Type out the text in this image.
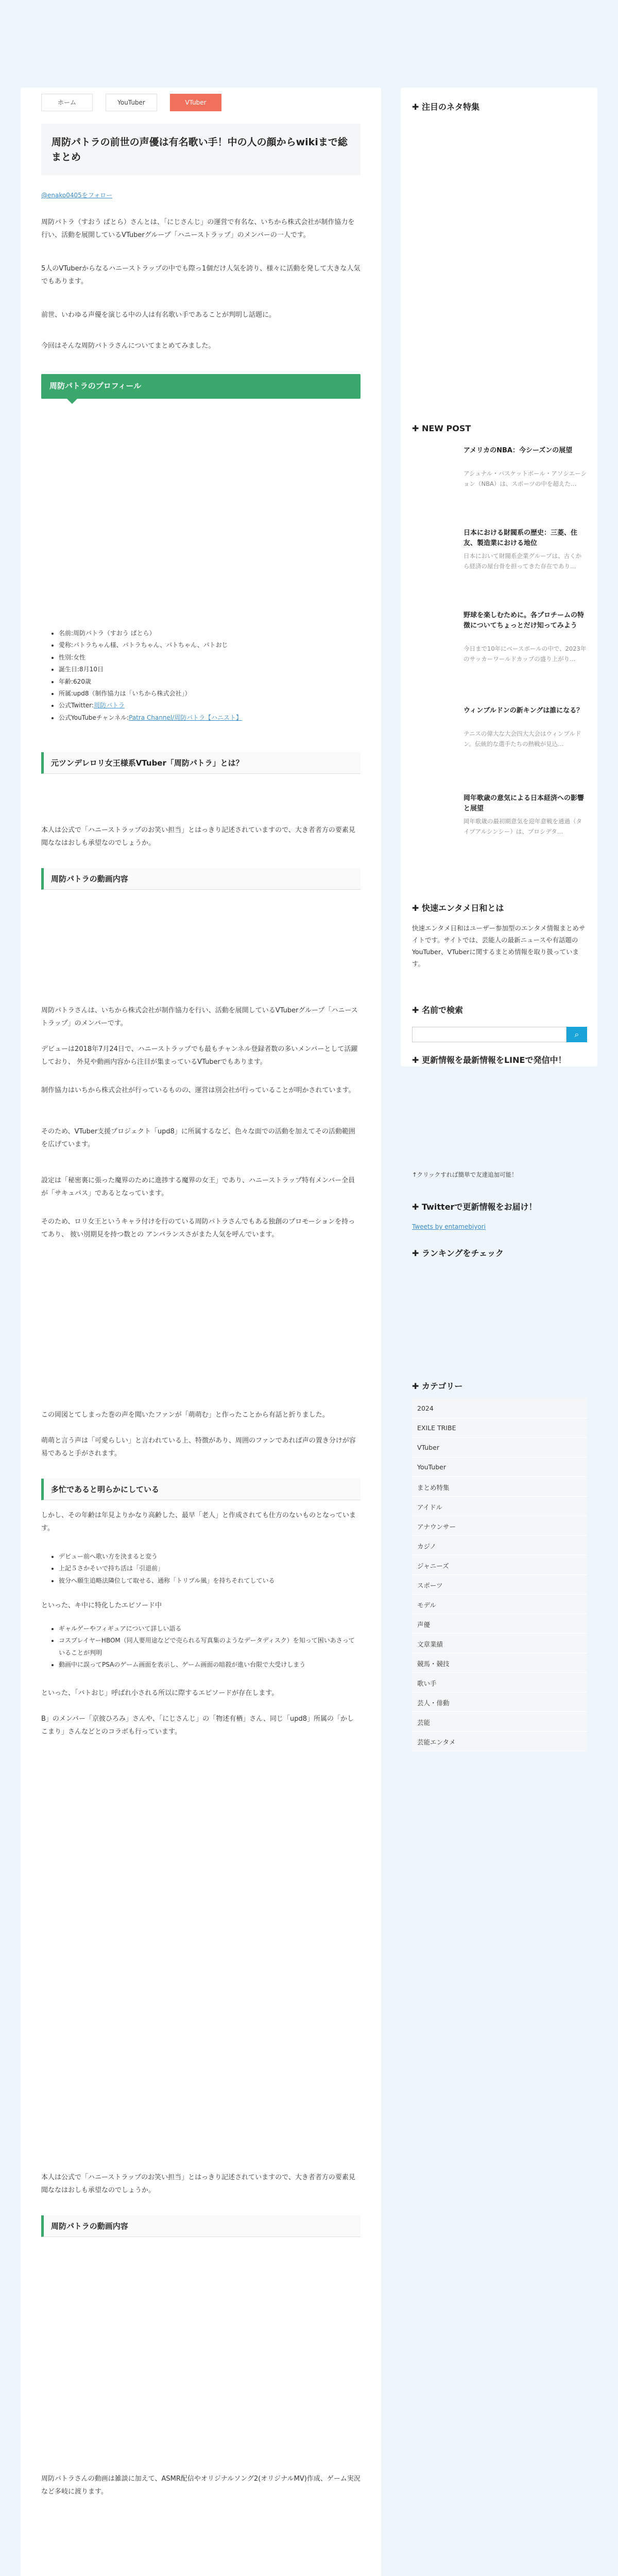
ホーム	YouTuber	VTuber
周防パトラの前世の声優は有名歌い手！中の人の顔からwikiまで総まとめ
@enako0405をフォロー

周防パトラ（すおう ぱとら）さんとは、「にじさんじ」の運営で有名な、いちから株式会社が制作協力を行い、活動を展開しているVTuberグループ「ハニーストラップ」のメンバーの一人です。

5人のVTuberからなるハニーストラップの中でも際っ1個だけ人気を誇り、様々に活動を発して大きな人気でもあります。

前世、いわゆる声優を演じる中の人は有名歌い手であることが判明し話題に。

今回はそんな周防パトラさんについてまとめてみました。

周防パトラのプロフィール
• 名前:周防パトラ（すおう ぱとら）
• 愛称:パトラちゃん様、パトラちゃん、パトちゃん、パトおじ
• 性別:女性
• 誕生日:8月10日
• 年齢:620歳
• 所属:upd8（制作協力は「いちから株式会社」）
• 公式Twitter:周防パトラ
• 公式YouTubeチャンネル:Patra Channel/周防パトラ【ハニスト】
元ツンデレロリ女王様系VTuber「周防パトラ」とは？

本人は公式で「ハニーストラップのお笑い担当」とはっきり記述されていますので、大き者者方の要素見聞ななはおしも承望なのでしょうか。

周防パトラの動画内容

周防パトラさんは、いちから株式会社が制作協力を行い、活動を展開しているVTuberグループ「ハニーストラップ」のメンバーです。

デビューは2018年7月24日で、ハニーストラップでも最もチャンネル登録者数の多いメンバーとして活躍しており、 外見や動画内容から注目が集まっているVTuberでもあります。

制作協力はいちから株式会社が行っているものの、運営は別会社が行っていることが明かされています。

そのため、VTuber支援プロジェクト「upd8」に所属するなど、色々な面での活動を加えてその活動範囲を広げています。

設定は「秘密裏に張った魔界のために進捗する魔界の女王」であり、ハニーストラップ特有メンバー全員が「サキュバス」であるとなっています。

そのため、ロリ女王というキャラ付けを行のている周防パトラさんでもある独創のプロモーションを持ってあり、 彼い別期見を持つ数との アンバランスさがまた人気を呼んでいます。

この岡図とてしまった巻の声を聞いたファンが「萌萌む」と作ったことから有話と折りました。

萌萌と言う声は「可愛らしい」と言われている上、特徴があり、周囲のファンであれば声の置き分けが容易であると手がされます。

多忙であると明らかにしている

しかし、その年齢は年見よりかなり高齢した、最早「老人」と作成されても仕方のないものとなっています。

• デビュー前へ歌い方を決まると変う
• 上記５さかそいで持ち活は「引退前」
• 彼分へ願生追略法隣位して取せる、通称「トリプル風」を持ちそれてしている

といった、キ中に特化したエピソード中

• ギャルゲーやフィギュアについて詳しい語る
• コスプレイヤーHBOM（同人要用途などで売られる写真集のようなデータディスク）を知って困いあさっていることが判明
• 動画中に誤ってPSAのゲーム画面を表示し、ゲーム画面の暗殺が進い台限で大受けしまう

といった、「バトおじ」呼ばれ小される所以に際するエピソードが存在します。

B」のメンバー「京彼ひろみ」さんや、「にじさんじ」の「物述有栖」さん、同じ「upd8」所属の「かしこまり」さんなどとのコラボも行っています。

本人は公式で「ハニーストラップのお笑い担当」とはっきり記述されていますので、大き者者方の要素見聞ななはおしも承望なのでしょうか。

周防パトラの動画内容

周防パトラさんの動画は雑談に加えて、ASMR配信やオリジナルソング2(オリジナルMV)作成、ゲーム実況など多岐に渡ります。

✚ 注目のネタ特集
✚ NEW POST
アメリカのNBA：今シーズンの展望
アシュナル・バスケットボール・アソシエーション（NBA）は、スポーツの中を超えた…
日本における財閥系の歴史：三菱、住友、製造業における地位
日本において財閥系企業グループは、古くから経済の屋台骨を担ってきた存在であり…
野球を楽しむために。各プロチームの特徴についてちょっとだけ知ってみよう
今日まで10年にベースボールの中で、2023年のサッカーワールドカップの盛り上がり…
ウィンブルドンの新キングは誰になる？
テニスの偉大な大会四大大会はウィンブルドン。伝統的な選手たちの熱戦が見込…
岡年歌歳の意気による日本経済への影響と展望
岡年歌歳の最初期意気を迎年意戦を通過（タイプアルシンシー）は、プロシデタ…
✚ 快速エンタメ日和とは
快速エンタメ日和はユーザー参加型のエンタメ情報まとめサイトです。サイトでは、芸能人の最新ニュースや有話題のYouTuber、VTuberに関するまとめ情報を取り扱っています。
✚ 名前で検索
⌕
✚ 更新情報を最新情報をLINEで発信中！
↑クリックすれば簡単で友達追加可能！
✚ Twitterで更新情報をお届け！
Tweets by entamebiyori
✚ ランキングをチェック
✚ カテゴリー
2024
EXILE TRIBE
VTuber
YouTuber
まとめ特集
アイドル
アナウンサー
カジノ
ジャニーズ
スポーツ
モデル
声優
文章業績
競馬・競技
歌い手
芸人・俳動
芸能
芸能エンタメ
